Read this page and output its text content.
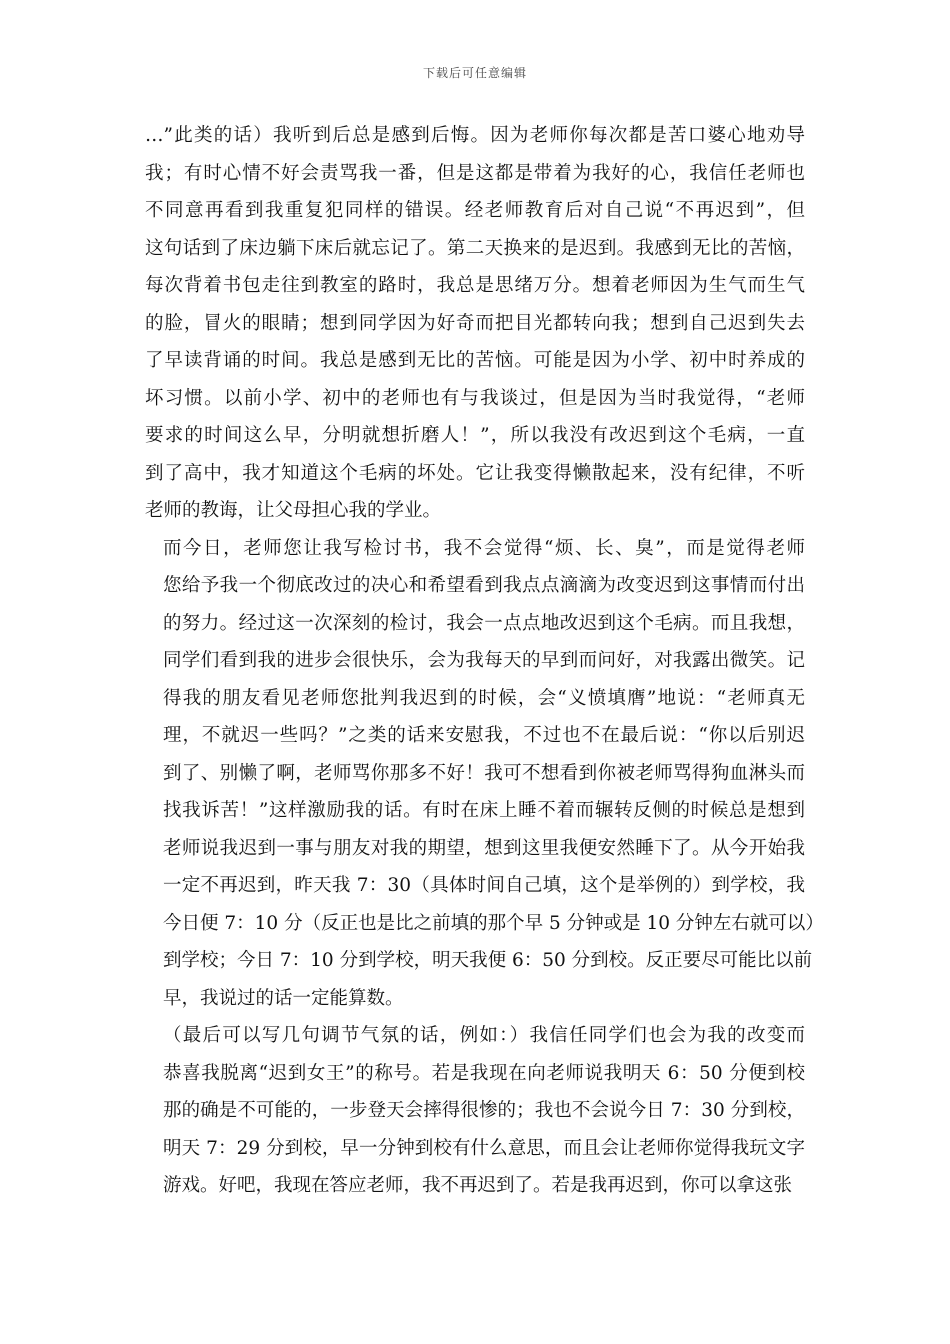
下载后可任意编辑
…”此类的话）我听到后总是感到后悔。因为老师你每次都是苦口婆心地劝导
我；有时心情不好会责骂我一番，但是这都是带着为我好的心，我信任老师也
不同意再看到我重复犯同样的错误。经老师教育后对自己说“不再迟到”，但
这句话到了床边躺下床后就忘记了。第二天换来的是迟到。我感到无比的苦恼，
每次背着书包走往到教室的路时，我总是思绪万分。想着老师因为生气而生气
的脸，冒火的眼睛；想到同学因为好奇而把目光都转向我；想到自己迟到失去
了早读背诵的时间。我总是感到无比的苦恼。可能是因为小学、初中时养成的
坏习惯。以前小学、初中的老师也有与我谈过，但是因为当时我觉得，“老师
要求的时间这么早，分明就想折磨人！”，所以我没有改迟到这个毛病，一直
到了高中，我才知道这个毛病的坏处。它让我变得懒散起来，没有纪律，不听
老师的教诲，让父母担心我的学业。
而今日，老师您让我写检讨书，我不会觉得“烦、长、臭”，而是觉得老师
您给予我一个彻底改过的决心和希望看到我点点滴滴为改变迟到这事情而付出
的努力。经过这一次深刻的检讨，我会一点点地改迟到这个毛病。而且我想，
同学们看到我的进步会很快乐，会为我每天的早到而问好，对我露出微笑。记
得我的朋友看见老师您批判我迟到的时候，会“义愤填膺”地说：“老师真无
理，不就迟一些吗？”之类的话来安慰我，不过也不在最后说：“你以后别迟
到了、别懒了啊，老师骂你那多不好！我可不想看到你被老师骂得狗血淋头而
找我诉苦！”这样激励我的话。有时在床上睡不着而辗转反侧的时候总是想到
老师说我迟到一事与朋友对我的期望，想到这里我便安然睡下了。从今开始我
一定不再迟到，昨天我 7：30（具体时间自己填，这个是举例的）到学校，我
今日便 7：10 分（反正也是比之前填的那个早 5 分钟或是 10 分钟左右就可以）
到学校；今日 7：10 分到学校，明天我便 6：50 分到校。反正要尽可能比以前
早，我说过的话一定能算数。
（最后可以写几句调节气氛的话，例如：）我信任同学们也会为我的改变而
恭喜我脱离“迟到女王”的称号。若是我现在向老师说我明天 6：50 分便到校
那的确是不可能的，一步登天会摔得很惨的；我也不会说今日 7：30 分到校，
明天 7：29 分到校，早一分钟到校有什么意思，而且会让老师你觉得我玩文字
游戏。好吧，我现在答应老师，我不再迟到了。若是我再迟到，你可以拿这张
